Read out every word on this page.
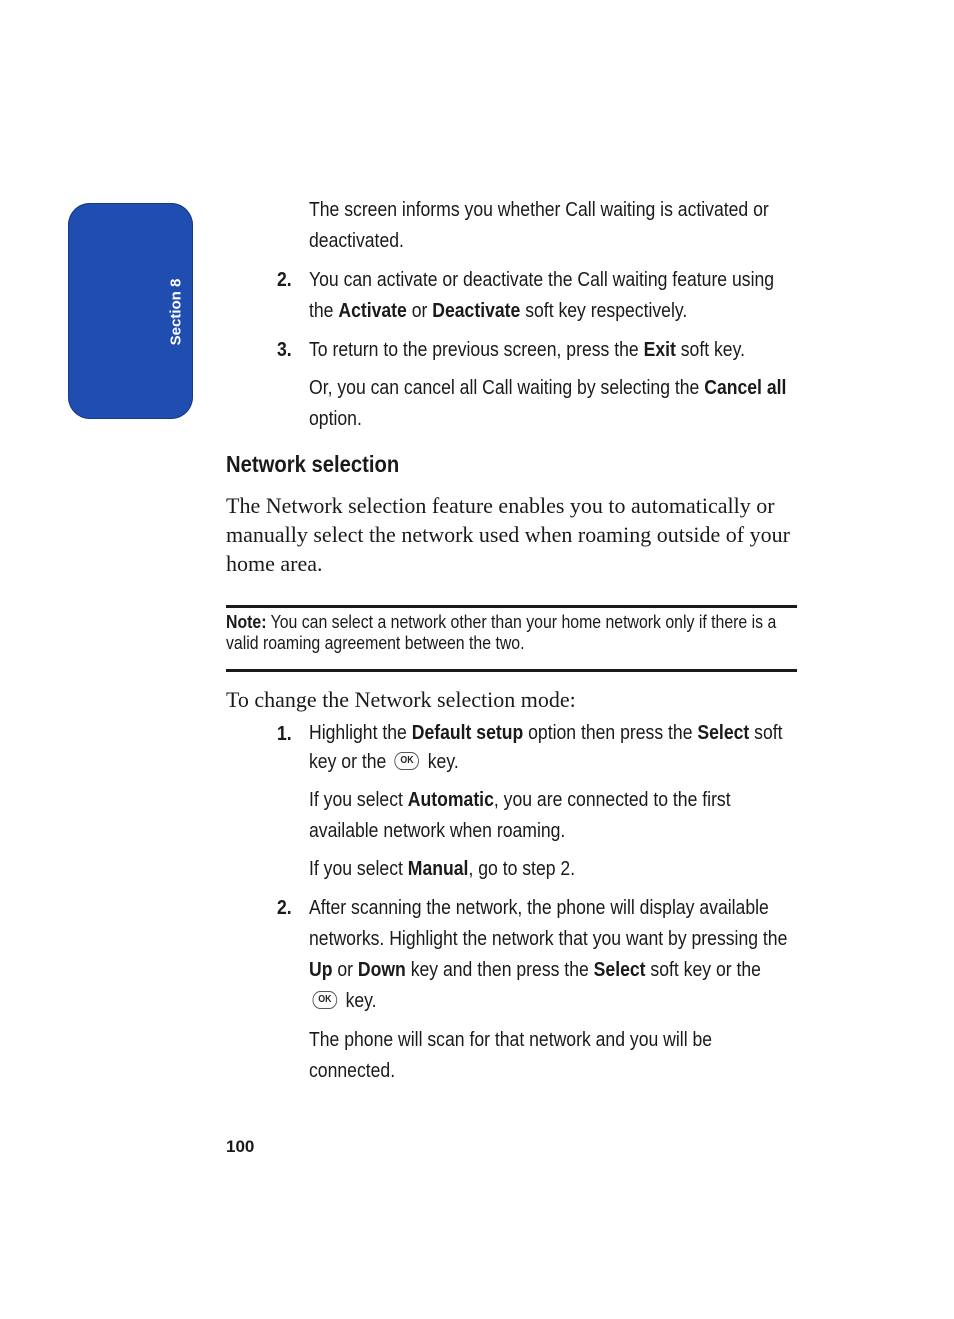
Section 8

The screen informs you whether Call waiting is activated or deactivated.

2. You can activate or deactivate the Call waiting feature using the Activate or Deactivate soft key respectively.

3. To return to the previous screen, press the Exit soft key.

Or, you can cancel all Call waiting by selecting the Cancel all option.

Network selection

The Network selection feature enables you to automatically or manually select the network used when roaming outside of your home area.

Note: You can select a network other than your home network only if there is a valid roaming agreement between the two.

To change the Network selection mode:

1. Highlight the Default setup option then press the Select soft key or the OK key.

If you select Automatic, you are connected to the first available network when roaming.

If you select Manual, go to step 2.

2. After scanning the network, the phone will display available networks. Highlight the network that you want by pressing the Up or Down key and then press the Select soft key or the OK key.

The phone will scan for that network and you will be connected.

100
